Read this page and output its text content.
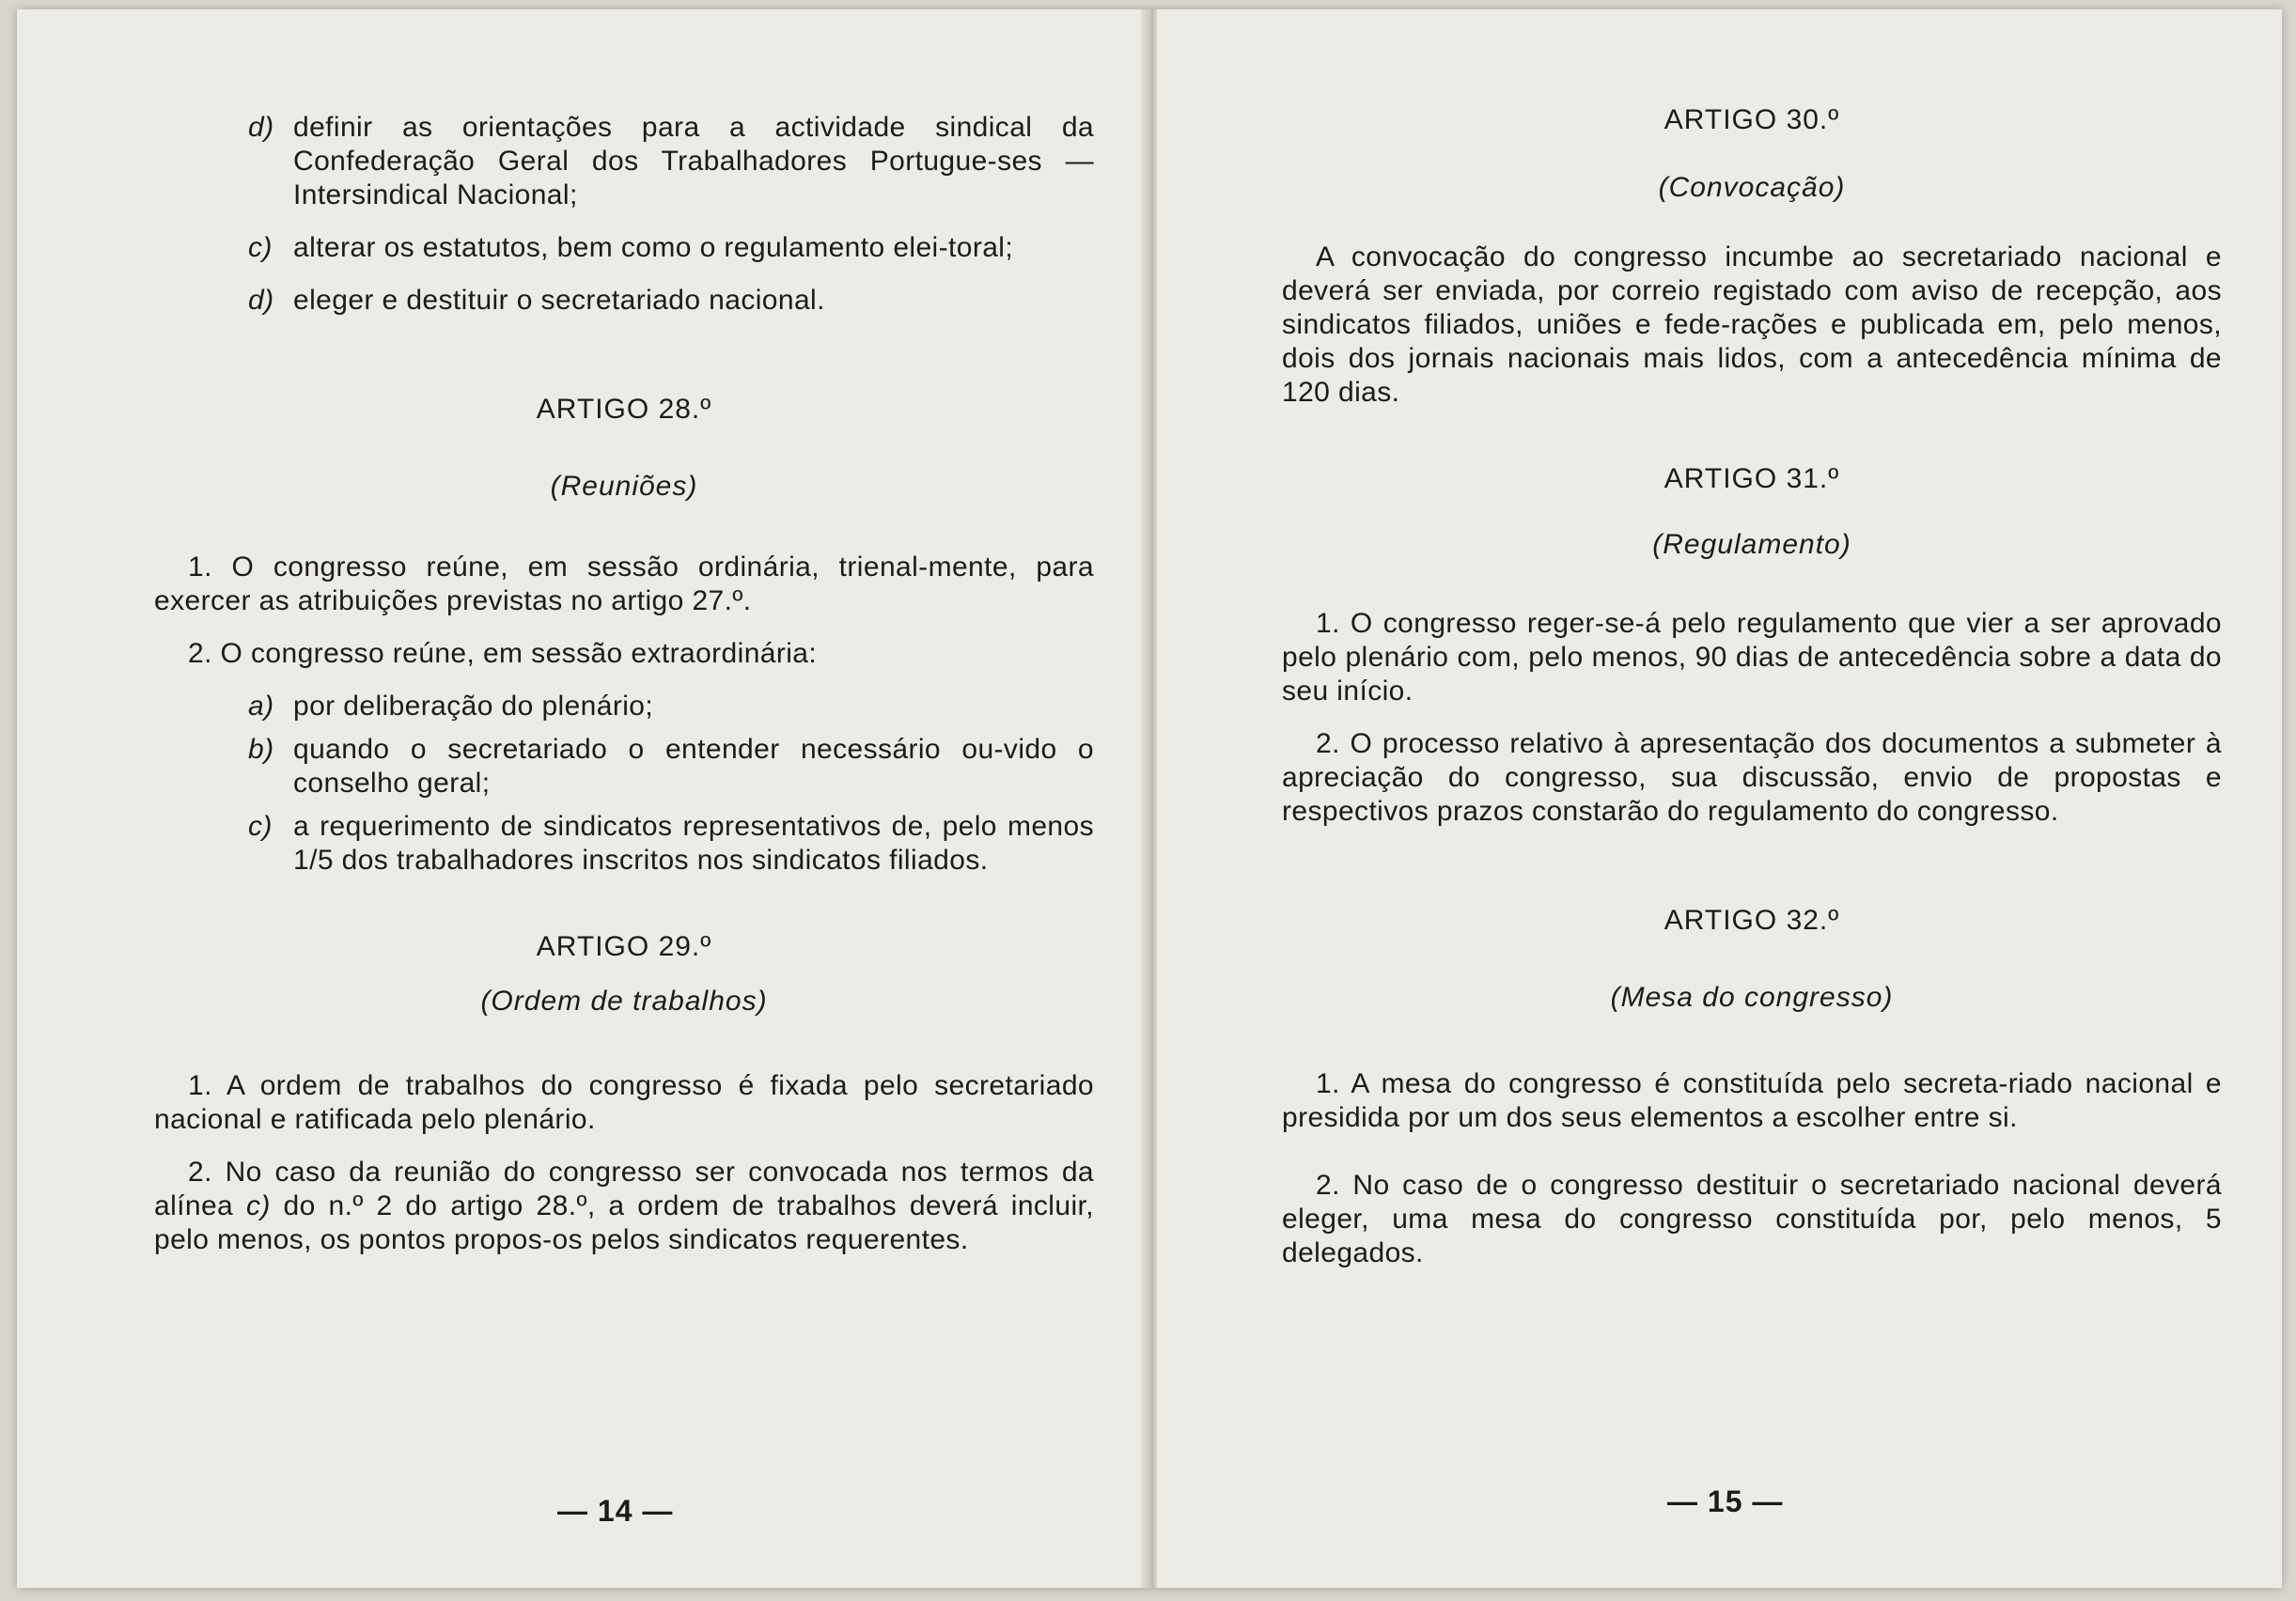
d) definir as orientações para a actividade sindical da Confederação Geral dos Trabalhadores Portugue-ses — Intersindical Nacional;
c) alterar os estatutos, bem como o regulamento elei-toral;
d) eleger e destituir o secretariado nacional.

ARTIGO 28.º

(Reuniões)

1. O congresso reúne, em sessão ordinária, trienal-mente, para exercer as atribuições previstas no artigo 27.º.

2. O congresso reúne, em sessão extraordinária:

a) por deliberação do plenário;
b) quando o secretariado o entender necessário ou-vido o conselho geral;
c) a requerimento de sindicatos representativos de, pelo menos 1/5 dos trabalhadores inscritos nos sindicatos filiados.

ARTIGO 29.º

(Ordem de trabalhos)

1. A ordem de trabalhos do congresso é fixada pelo secretariado nacional e ratificada pelo plenário.

2. No caso da reunião do congresso ser convocada nos termos da alínea c) do n.º 2 do artigo 28.º, a ordem de trabalhos deverá incluir, pelo menos, os pontos propos-os pelos sindicatos requerentes.

— 14 —

ARTIGO 30.º

(Convocação)

A convocação do congresso incumbe ao secretariado nacional e deverá ser enviada, por correio registado com aviso de recepção, aos sindicatos filiados, uniões e fede-rações e publicada em, pelo menos, dois dos jornais nacionais mais lidos, com a antecedência mínima de 120 dias.

ARTIGO 31.º

(Regulamento)

1. O congresso reger-se-á pelo regulamento que vier a ser aprovado pelo plenário com, pelo menos, 90 dias de antecedência sobre a data do seu início.

2. O processo relativo à apresentação dos documentos a submeter à apreciação do congresso, sua discussão, envio de propostas e respectivos prazos constarão do regulamento do congresso.

ARTIGO 32.º

(Mesa do congresso)

1. A mesa do congresso é constituída pelo secreta-riado nacional e presidida por um dos seus elementos a escolher entre si.

2. No caso de o congresso destituir o secretariado nacional deverá eleger, uma mesa do congresso constituída por, pelo menos, 5 delegados.

— 15 —
